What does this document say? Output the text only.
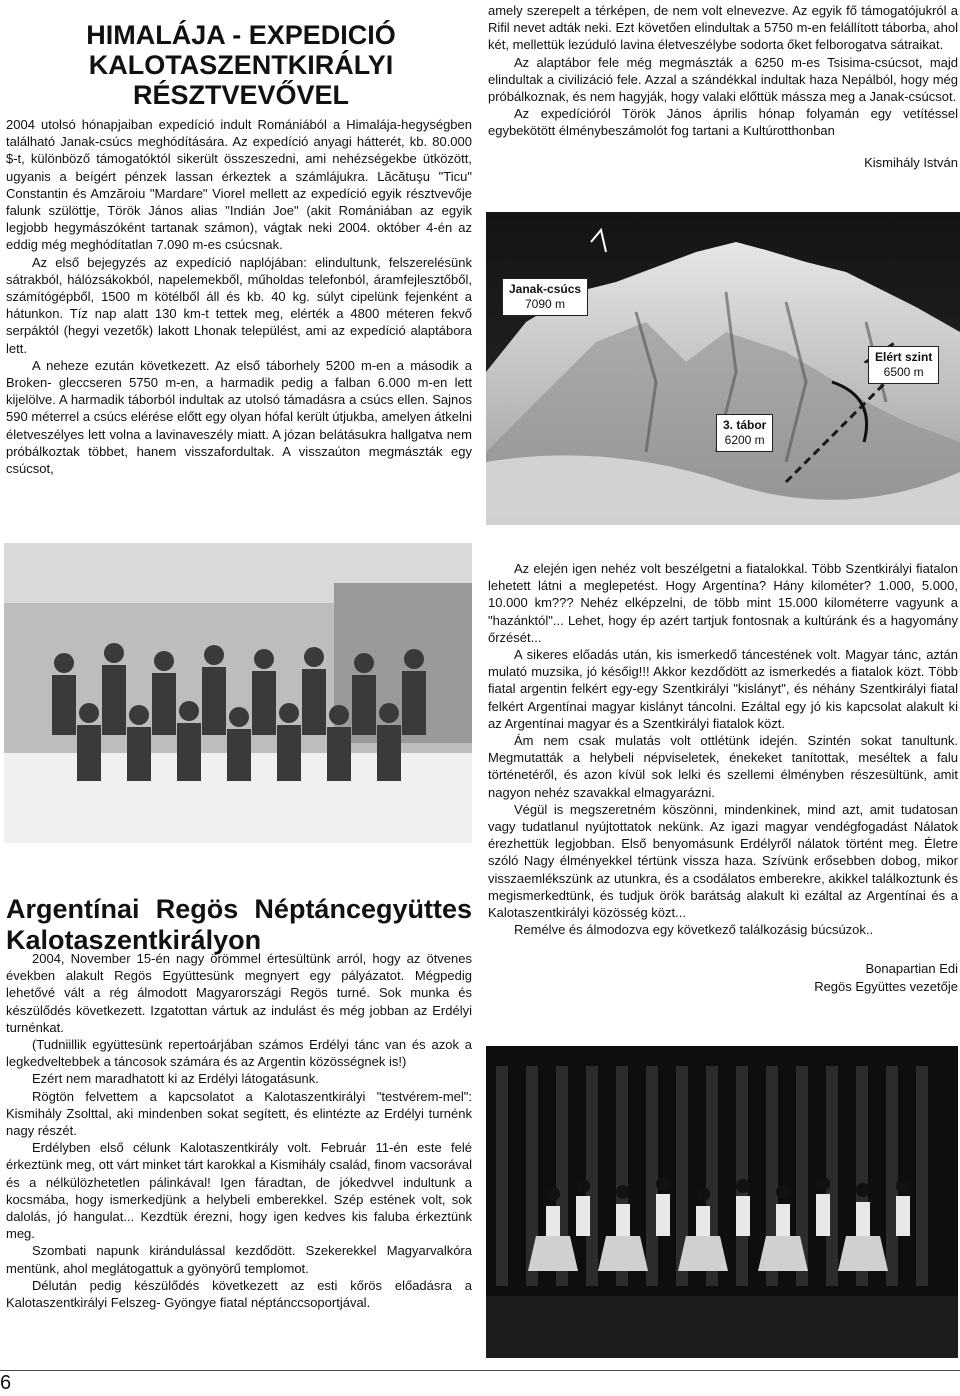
HIMALÁJA - EXPEDICIÓ KALOTASZENTKIRÁLYI RÉSZTVEVŐVEL

2004 utolsó hónapjaiban expedíció indult Romániából a Himalája-hegységben található Janak-csúcs meghódítására. Az expedíció anyagi hátterét, kb. 80.000 $-t, különböző támogatóktól sikerült összeszedni, ami nehézségekbe ütközött, ugyanis a beígért pénzek lassan érkeztek a számlájukra. Lăcătuşu "Ticu" Constantin és Amzăroiu "Mardare" Viorel mellett az expedíció egyik résztvevője falunk szülöttje, Török János alias "Indián Joe" (akit Romániában az egyik legjobb hegymászóként tartanak számon), vágtak neki 2004. október 4-én az eddig még meghódítatlan 7.090 m-es csúcsnak.

Az első bejegyzés az expedíció naplójában: elindultunk, felszerelésünk sátrakból, hálózsákokból, napelemekből, műholdas telefonból, áramfejlesztőből, számítógépből, 1500 m kötélből áll és kb. 40 kg. súlyt cipelünk fejenként a hátunkon. Tíz nap alatt 130 km-t tettek meg, elérték a 4800 méteren fekvő serpáktól (hegyi vezetők) lakott Lhonak települést, ami az expedíció alaptábora lett.

A neheze ezután következett. Az első táborhely 5200 m-en a második a Broken- gleccseren 5750 m-en, a harmadik pedig a falban 6.000 m-en lett kijelölve. A harmadik táborból indultak az utolsó támadásra a csúcs ellen. Sajnos 590 méterrel a csúcs elérése előtt egy olyan hófal került útjukba, amelyen átkelni életveszélyes lett volna a lavinaveszély miatt. A józan belátásukra hallgatva nem próbálkoztak többet, hanem visszafordultak. A visszaúton megmászták egy csúcsot,

amely szerepelt a térképen, de nem volt elnevezve. Az egyik fő támogatójukról a Rifil nevet adták neki. Ezt követően elindultak a 5750 m-en felállított táborba, ahol két, mellettük lezúduló lavina életveszélybe sodorta őket felborogatva sátraikat.

Az alaptábor fele még megmászták a 6250 m-es Tsisima-csúcsot, majd elindultak a civilizáció fele. Azzal a szándékkal indultak haza Nepálból, hogy még próbálkoznak, és nem hagyják, hogy valaki előttük mássza meg a Janak-csúcsot.

Az expedícióról Török János április hónap folyamán egy vetítéssel egybekötött élménybeszámolót fog tartani a Kultúrotthonban

Kismihály István

Janak-csúcs
7090 m
Elért szint
6500 m
3. tábor
6200 m
Argentínai Regös Néptáncegyüttes
Kalotaszentkirályon

2004, November 15-én nagy örömmel értesültünk arról, hogy az ötvenes években alakult Regös Együttesünk megnyert egy pályázatot. Mégpedig lehetővé vált a rég álmodott Magyarországi Regös turné. Sok munka és készülődés következett. Izgatottan vártuk az indulást és még jobban az Erdélyi turnénkat.

(Tudniillik együttesünk repertoárjában számos Erdélyi tánc van és azok a legkedveltebbek a táncosok számára és az Argentin közösségnek is!)

Ezért nem maradhatott ki az Erdélyi látogatásunk.

Rögtön felvettem a kapcsolatot a Kalotaszentkirályi "testvérem-mel": Kismihály Zsolttal, aki mindenben sokat segített, és elintézte az Erdélyi turnénk nagy részét.

Erdélyben első célunk Kalotaszentkirály volt. Február 11-én este felé érkeztünk meg, ott várt minket tárt karokkal a Kismihály család, finom vacsorával és a nélkülözhetetlen pálinkával! Igen fáradtan, de jókedvvel indultunk a kocsmába, hogy ismerkedjünk a helybeli emberekkel. Szép estének volt, sok dalolás, jó hangulat... Kezdtük érezni, hogy igen kedves kis faluba érkeztünk meg.

Szombati napunk kirándulással kezdődött. Szekerekkel Magyarvalkóra mentünk, ahol meglátogattuk a gyönyörű templomot.

Délután pedig készülődés következett az esti kőrös előadásra a Kalotaszentkirályi Felszeg- Gyöngye fiatal néptánccsoportjával.

Az elején igen nehéz volt beszélgetni a fiatalokkal. Több Szentkirályi fiatalon lehetett látni a meglepetést. Hogy Argentína? Hány kilométer? 1.000, 5.000, 10.000 km??? Nehéz elképzelni, de több mint 15.000 kilométerre vagyunk a "hazánktól"... Lehet, hogy ép azért tartjuk fontosnak a kultúránk és a hagyomány őrzését...

A sikeres előadás után, kis ismerkedő táncestének volt. Magyar tánc, aztán mulató muzsika, jó későig!!! Akkor kezdődött az ismerkedés a fiatalok közt. Több fiatal argentin felkért egy-egy Szentkirályi "kislányt", és néhány Szentkirályi fiatal felkért Argentínai magyar kislányt táncolni. Ezáltal egy jó kis kapcsolat alakult ki az Argentínai magyar és a Szentkirályi fiatalok közt.

Ám nem csak mulatás volt ottlétünk idején. Szintén sokat tanultunk. Megmutatták a helybeli népviseletek, énekeket tanítottak, meséltek a falu történetéről, és azon kívül sok lelki és szellemi élményben részesültünk, amit nagyon nehéz szavakkal elmagyarázni.

Végül is megszeretném köszönni, mindenkinek, mind azt, amit tudatosan vagy tudatlanul nyújtottatok nekünk. Az igazi magyar vendégfogadást Nálatok érezhettük legjobban. Első benyomásunk Erdélyről nálatok történt meg. Életre szóló Nagy élményekkel tértünk vissza haza. Szívünk erősebben dobog, mikor visszaemlékszünk az utunkra, és a csodálatos emberekre, akikkel találkoztunk és megismerkedtünk, és tudjuk örök barátság alakult ki ezáltal az Argentínai és a Kalotaszentkirályi közösség közt...

Remélve és álmodozva egy következő találkozásig búcsúzok..

Bonapartian Edi

Regös Együttes vezetője

6
